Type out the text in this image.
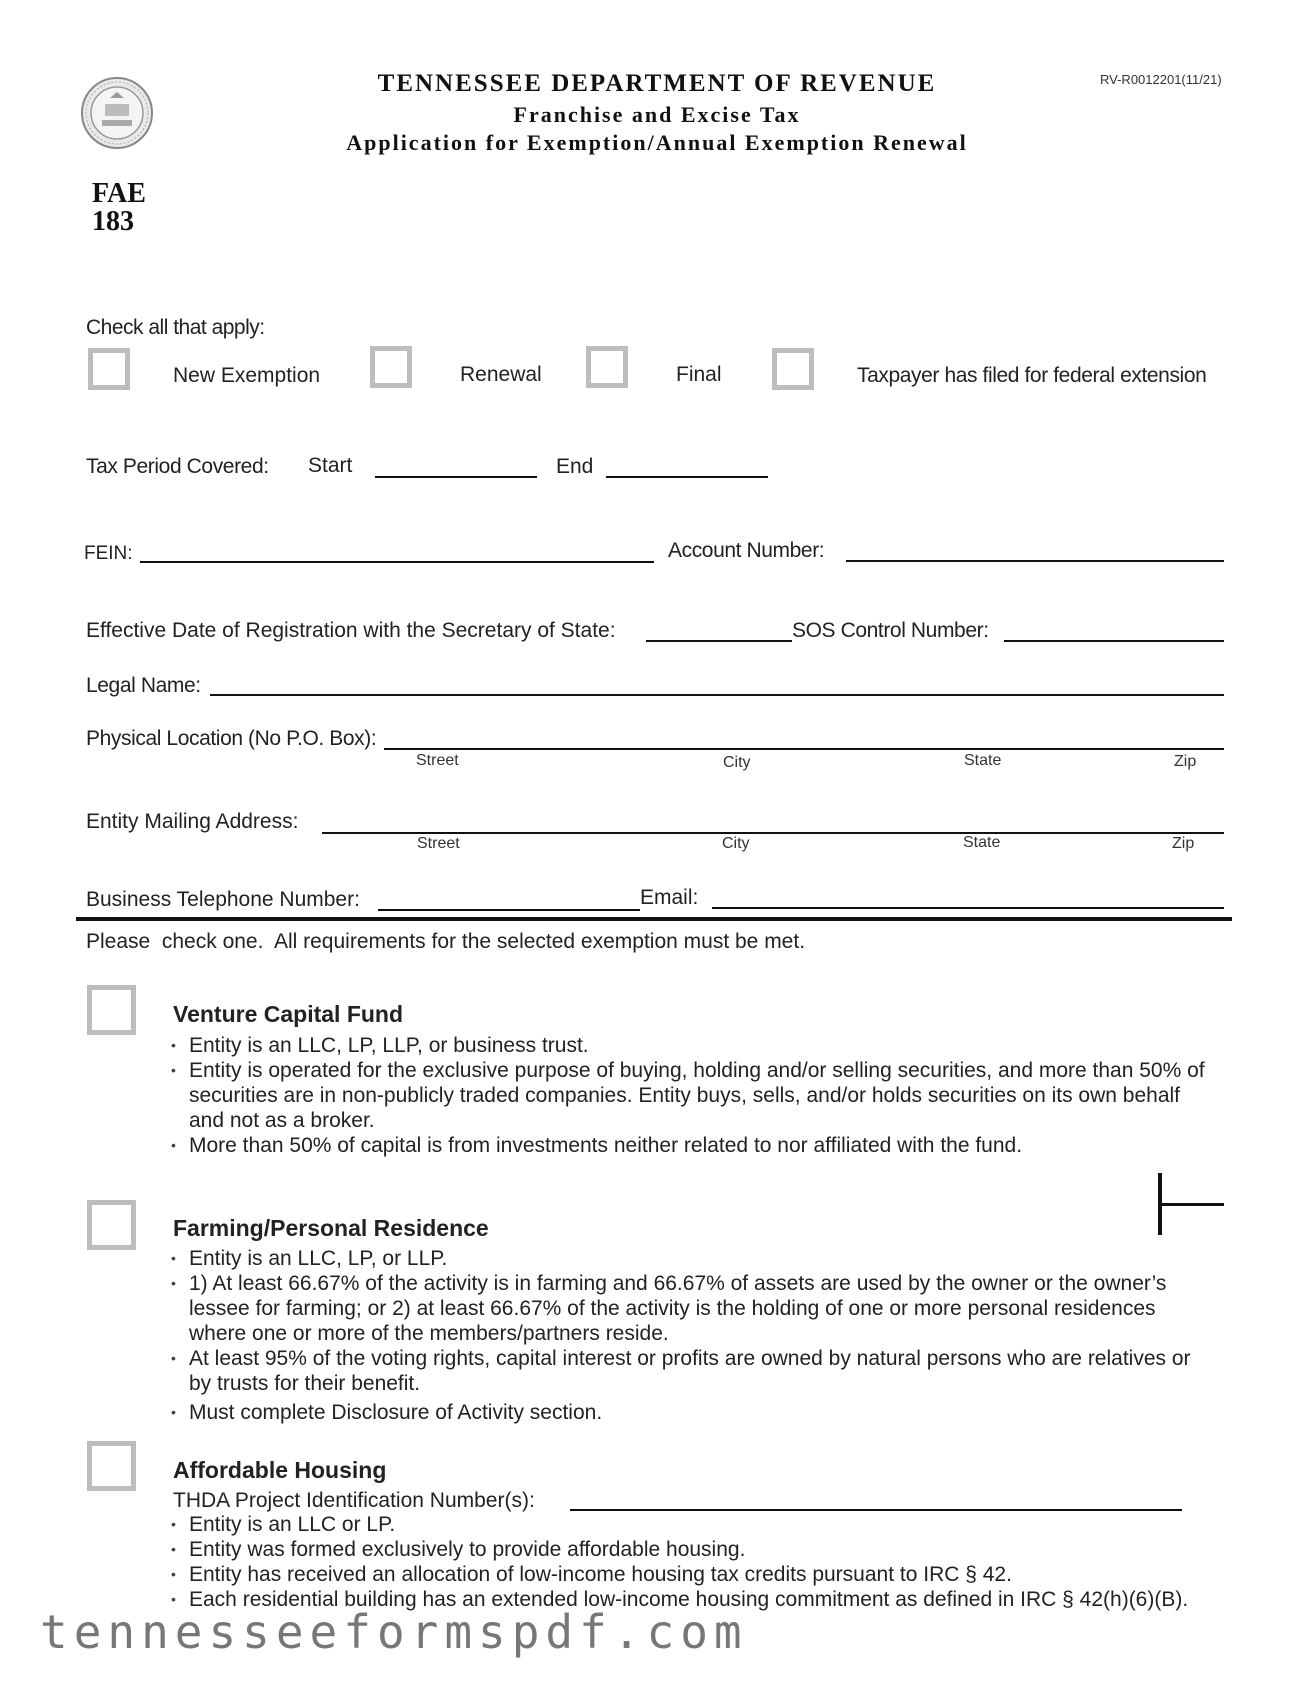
TENNESSEE DEPARTMENT OF REVENUE
Franchise and Excise Tax
Application for Exemption/Annual Exemption Renewal
RV-R0012201(11/21)
FAE
183
Check all that apply:
New Exemption	Renewal	Final	Taxpayer has filed for federal extension
Tax Period Covered: Start	End
FEIN:	Account Number:
Effective Date of Registration with the Secretary of State:	SOS Control Number:
Legal Name:
Physical Location (No P.O. Box):
Street	City	State	Zip
Entity Mailing Address:
Street	City	State	Zip
Business Telephone Number:	Email:
Please  check one.  All requirements for the selected exemption must be met.
Venture Capital Fund
• Entity is an LLC, LP, LLP, or business trust.
• Entity is operated for the exclusive purpose of buying, holding and/or selling securities, and more than 50% of securities are in non-publicly traded companies. Entity buys, sells, and/or holds securities on its own behalf and not as a broker.
• More than 50% of capital is from investments neither related to nor affiliated with the fund.
Farming/Personal Residence
• Entity is an LLC, LP, or LLP.
• 1) At least 66.67% of the activity is in farming and 66.67% of assets are used by the owner or the owner’s lessee for farming; or 2) at least 66.67% of the activity is the holding of one or more personal residences where one or more of the members/partners reside.
• At least 95% of the voting rights, capital interest or profits are owned by natural persons who are relatives or by trusts for their benefit.
• Must complete Disclosure of Activity section.
Affordable Housing
THDA Project Identification Number(s):
• Entity is an LLC or LP.
• Entity was formed exclusively to provide affordable housing.
• Entity has received an allocation of low-income housing tax credits pursuant to IRC § 42.
• Each residential building has an extended low-income housing commitment as defined in IRC § 42(h)(6)(B).
tennesseeformspdf.com
